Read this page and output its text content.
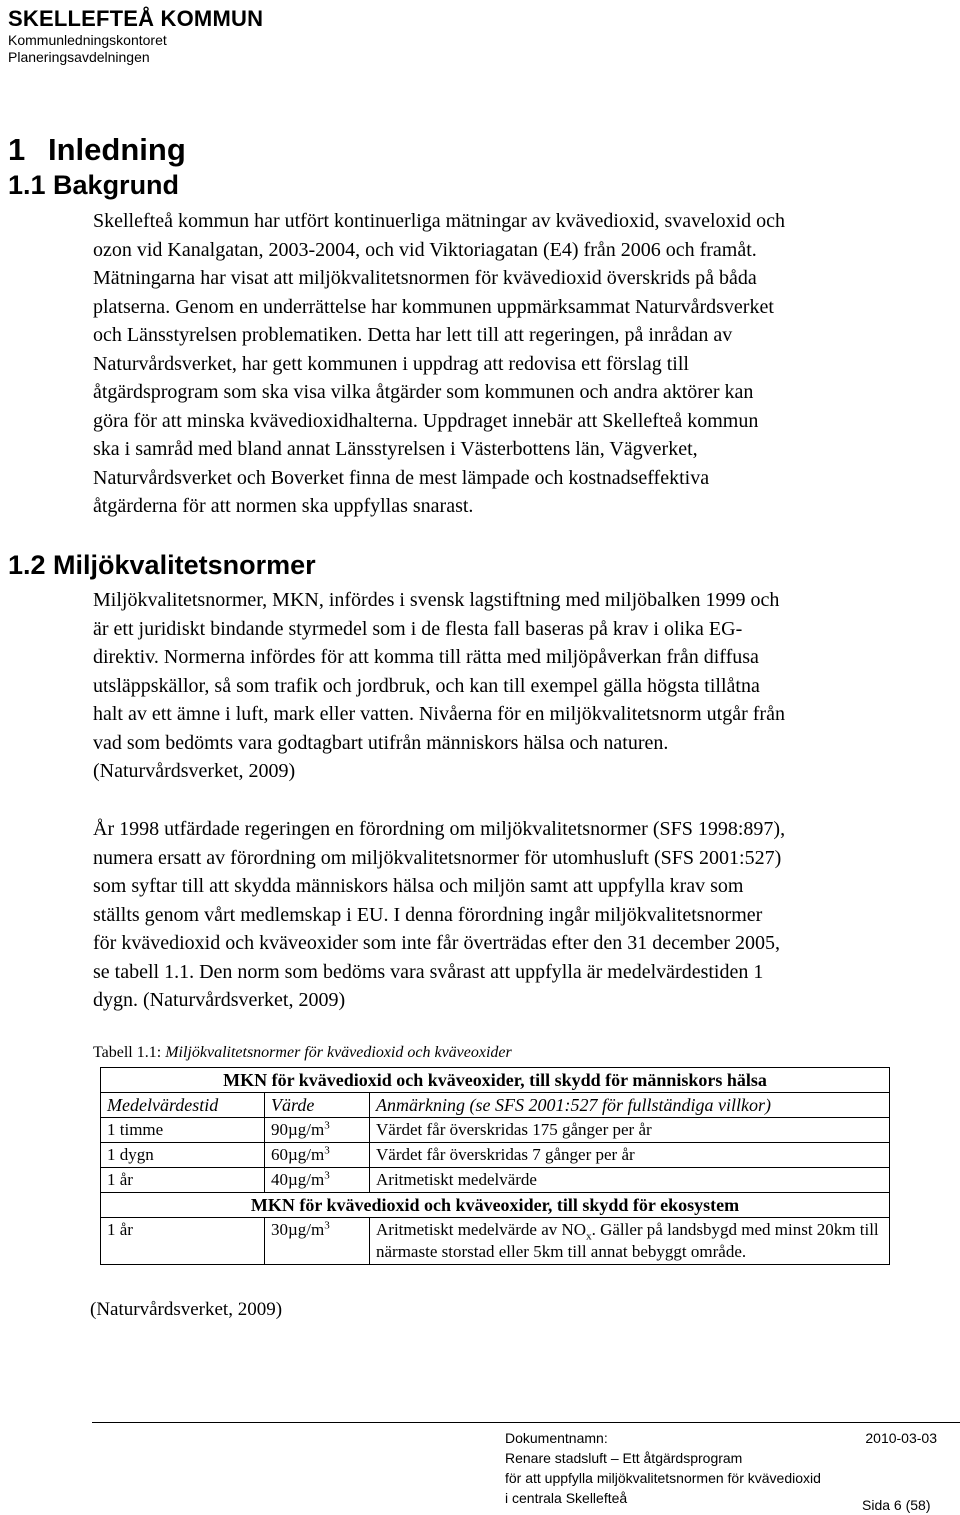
SKELLEFTEÅ KOMMUN
Kommunledningskontoret
Planeringsavdelningen
1 Inledning
1.1 Bakgrund

Skellefteå kommun har utfört kontinuerliga mätningar av kvävedioxid, svaveloxid och
ozon vid Kanalgatan, 2003-2004, och vid Viktoriagatan (E4) från 2006 och framåt.
Mätningarna har visat att miljökvalitetsnormen för kvävedioxid överskrids på båda
platserna. Genom en underrättelse har kommunen uppmärksammat Naturvårdsverket
och Länsstyrelsen problematiken. Detta har lett till att regeringen, på inrådan av
Naturvårdsverket, har gett kommunen i uppdrag att redovisa ett förslag till
åtgärdsprogram som ska visa vilka åtgärder som kommunen och andra aktörer kan
göra för att minska kvävedioxidhalterna. Uppdraget innebär att Skellefteå kommun
ska i samråd med bland annat Länsstyrelsen i Västerbottens län, Vägverket,
Naturvårdsverket och Boverket finna de mest lämpade och kostnadseffektiva
åtgärderna för att normen ska uppfyllas snarast.

1.2 Miljökvalitetsnormer

Miljökvalitetsnormer, MKN, infördes i svensk lagstiftning med miljöbalken 1999 och
är ett juridiskt bindande styrmedel som i de flesta fall baseras på krav i olika EG-
direktiv. Normerna infördes för att komma till rätta med miljöpåverkan från diffusa
utsläppskällor, så som trafik och jordbruk, och kan till exempel gälla högsta tillåtna
halt av ett ämne i luft, mark eller vatten. Nivåerna för en miljökvalitetsnorm utgår från
vad som bedömts vara godtagbart utifrån människors hälsa och naturen.
(Naturvårdsverket, 2009)

År 1998 utfärdade regeringen en förordning om miljökvalitetsnormer (SFS 1998:897),
numera ersatt av förordning om miljökvalitetsnormer för utomhusluft (SFS 2001:527)
som syftar till att skydda människors hälsa och miljön samt att uppfylla krav som
ställts genom vårt medlemskap i EU. I denna förordning ingår miljökvalitetsnormer
för kvävedioxid och kväveoxider som inte får överträdas efter den 31 december 2005,
se tabell 1.1. Den norm som bedöms vara svårast att uppfylla är medelvärdestiden 1
dygn. (Naturvårdsverket, 2009)

Tabell 1.1: Miljökvalitetsnormer för kvävedioxid och kväveoxider
MKN för kvävedioxid och kväveoxider, till skydd för människors hälsa		
Medelvärdestid	Värde	Anmärkning (se SFS 2001:527 för fullständiga villkor)
1 timme	$90\mu g/m^3$	Värdet får överskridas 175 gånger per år
1 dygn	$60\mu g/m^3$	Värdet får överskridas 7 gånger per år
1 år	$40\mu g/m^3$	Aritmetiskt medelvärde
MKN för kvävedioxid och kväveoxider, till skydd för ekosystem		
1 år	$30\mu g/m^3$	Aritmetiskt medelvärde av $NO_x$. Gäller på landsbygd med minst 20km till närmaste storstad eller 5km till annat bebyggt område.
(Naturvårdsverket, 2009)
Dokumentnamn:	2010-03-03
Renare stadsluft – Ett åtgärdsprogram
för att uppfylla miljökvalitetsnormen för kvävedioxid
i centrala Skellefteå	Sida 6 (58)
